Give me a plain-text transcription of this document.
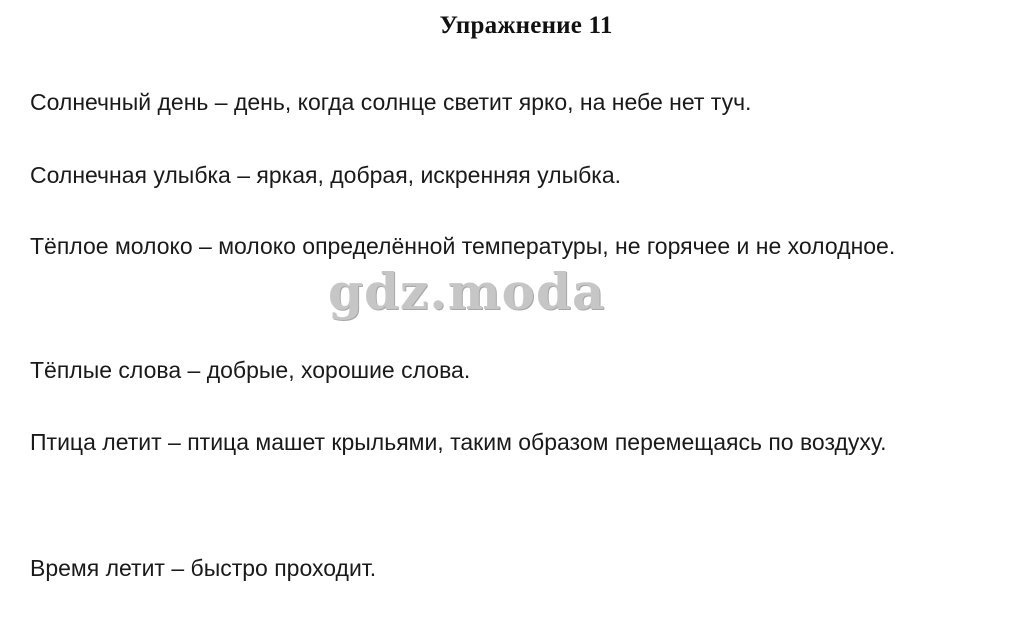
Упражнение 11

Солнечный день – день, когда солнце светит ярко, на небе нет туч.

Солнечная улыбка – яркая, добрая, искренняя улыбка.

Тёплое молоко – молоко определённой температуры, не горячее и не холодное.

Тёплые слова – добрые, хорошие слова.

Птица летит – птица машет крыльями, таким образом перемещаясь по воздуху.

Время летит – быстро проходит.

gdz.moda
